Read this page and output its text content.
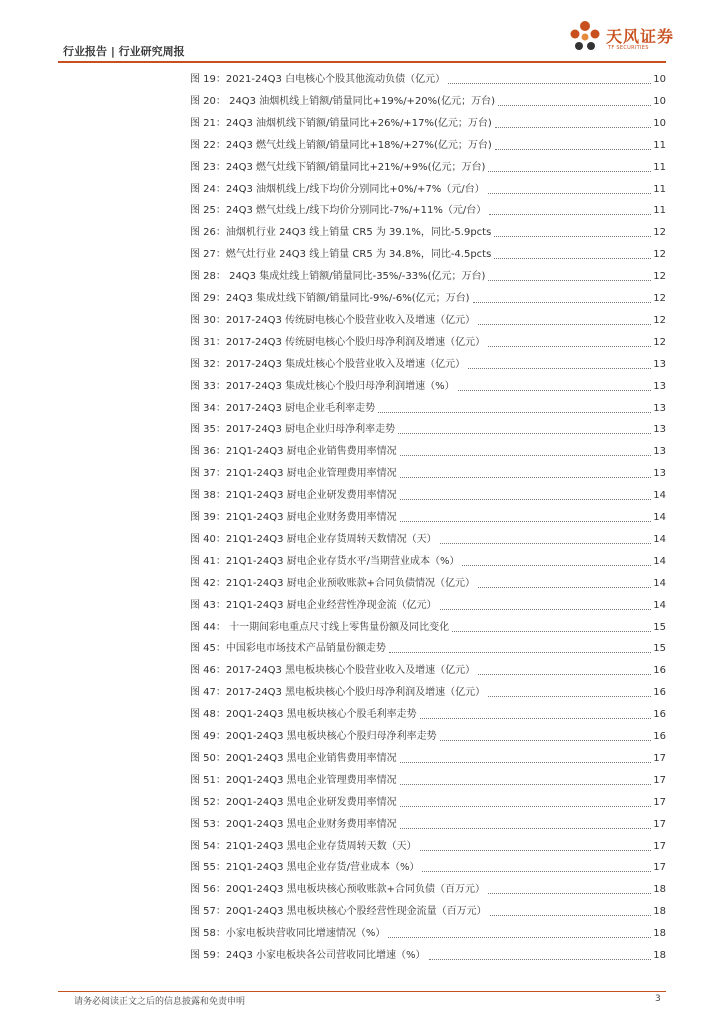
行业报告 | 行业研究周报
天风证券
TF SECURITIES
图 19：2021-24Q3 白电核心个股其他流动负债（亿元）	10
图 20： 24Q3 油烟机线上销额/销量同比+19%/+20%(亿元；万台)	10
图 21：24Q3 油烟机线下销额/销量同比+26%/+17%(亿元；万台)	10
图 22：24Q3 燃气灶线上销额/销量同比+18%/+27%(亿元；万台)	11
图 23：24Q3 燃气灶线下销额/销量同比+21%/+9%(亿元；万台)	11
图 24：24Q3 油烟机线上/线下均价分别同比+0%/+7%（元/台）	11
图 25：24Q3 燃气灶线上/线下均价分别同比-7%/+11%（元/台）	11
图 26：油烟机行业 24Q3 线上销量 CR5 为 39.1%，同比-5.9pcts	12
图 27：燃气灶行业 24Q3 线上销量 CR5 为 34.8%，同比-4.5pcts	12
图 28： 24Q3 集成灶线上销额/销量同比-35%/-33%(亿元；万台)	12
图 29：24Q3 集成灶线下销额/销量同比-9%/-6%(亿元；万台)	12
图 30：2017-24Q3 传统厨电核心个股营业收入及增速（亿元）	12
图 31：2017-24Q3 传统厨电核心个股归母净利润及增速（亿元）	12
图 32：2017-24Q3 集成灶核心个股营业收入及增速（亿元）	13
图 33：2017-24Q3 集成灶核心个股归母净利润增速（%）	13
图 34：2017-24Q3 厨电企业毛利率走势	13
图 35：2017-24Q3 厨电企业归母净利率走势	13
图 36：21Q1-24Q3 厨电企业销售费用率情况	13
图 37：21Q1-24Q3 厨电企业管理费用率情况	13
图 38：21Q1-24Q3 厨电企业研发费用率情况	14
图 39：21Q1-24Q3 厨电企业财务费用率情况	14
图 40：21Q1-24Q3 厨电企业存货周转天数情况（天）	14
图 41：21Q1-24Q3 厨电企业存货水平/当期营业成本（%）	14
图 42：21Q1-24Q3 厨电企业预收账款+合同负债情况（亿元）	14
图 43：21Q1-24Q3 厨电企业经营性净现金流（亿元）	14
图 44： 十一期间彩电重点尺寸线上零售量份额及同比变化	15
图 45：中国彩电市场技术产品销量份额走势	15
图 46：2017-24Q3 黑电板块核心个股营业收入及增速（亿元）	16
图 47：2017-24Q3 黑电板块核心个股归母净利润及增速（亿元）	16
图 48：20Q1-24Q3 黑电板块核心个股毛利率走势	16
图 49：20Q1-24Q3 黑电板块核心个股归母净利率走势	16
图 50：20Q1-24Q3 黑电企业销售费用率情况	17
图 51：20Q1-24Q3 黑电企业管理费用率情况	17
图 52：20Q1-24Q3 黑电企业研发费用率情况	17
图 53：20Q1-24Q3 黑电企业财务费用率情况	17
图 54：21Q1-24Q3 黑电企业存货周转天数（天）	17
图 55：21Q1-24Q3 黑电企业存货/营业成本（%）	17
图 56：20Q1-24Q3 黑电板块核心预收账款+合同负债（百万元）	18
图 57：20Q1-24Q3 黑电板块核心个股经营性现金流量（百万元）	18
图 58：小家电板块营收同比增速情况（%）	18
图 59：24Q3 小家电板块各公司营收同比增速（%）	18
请务必阅读正文之后的信息披露和免责申明	3
